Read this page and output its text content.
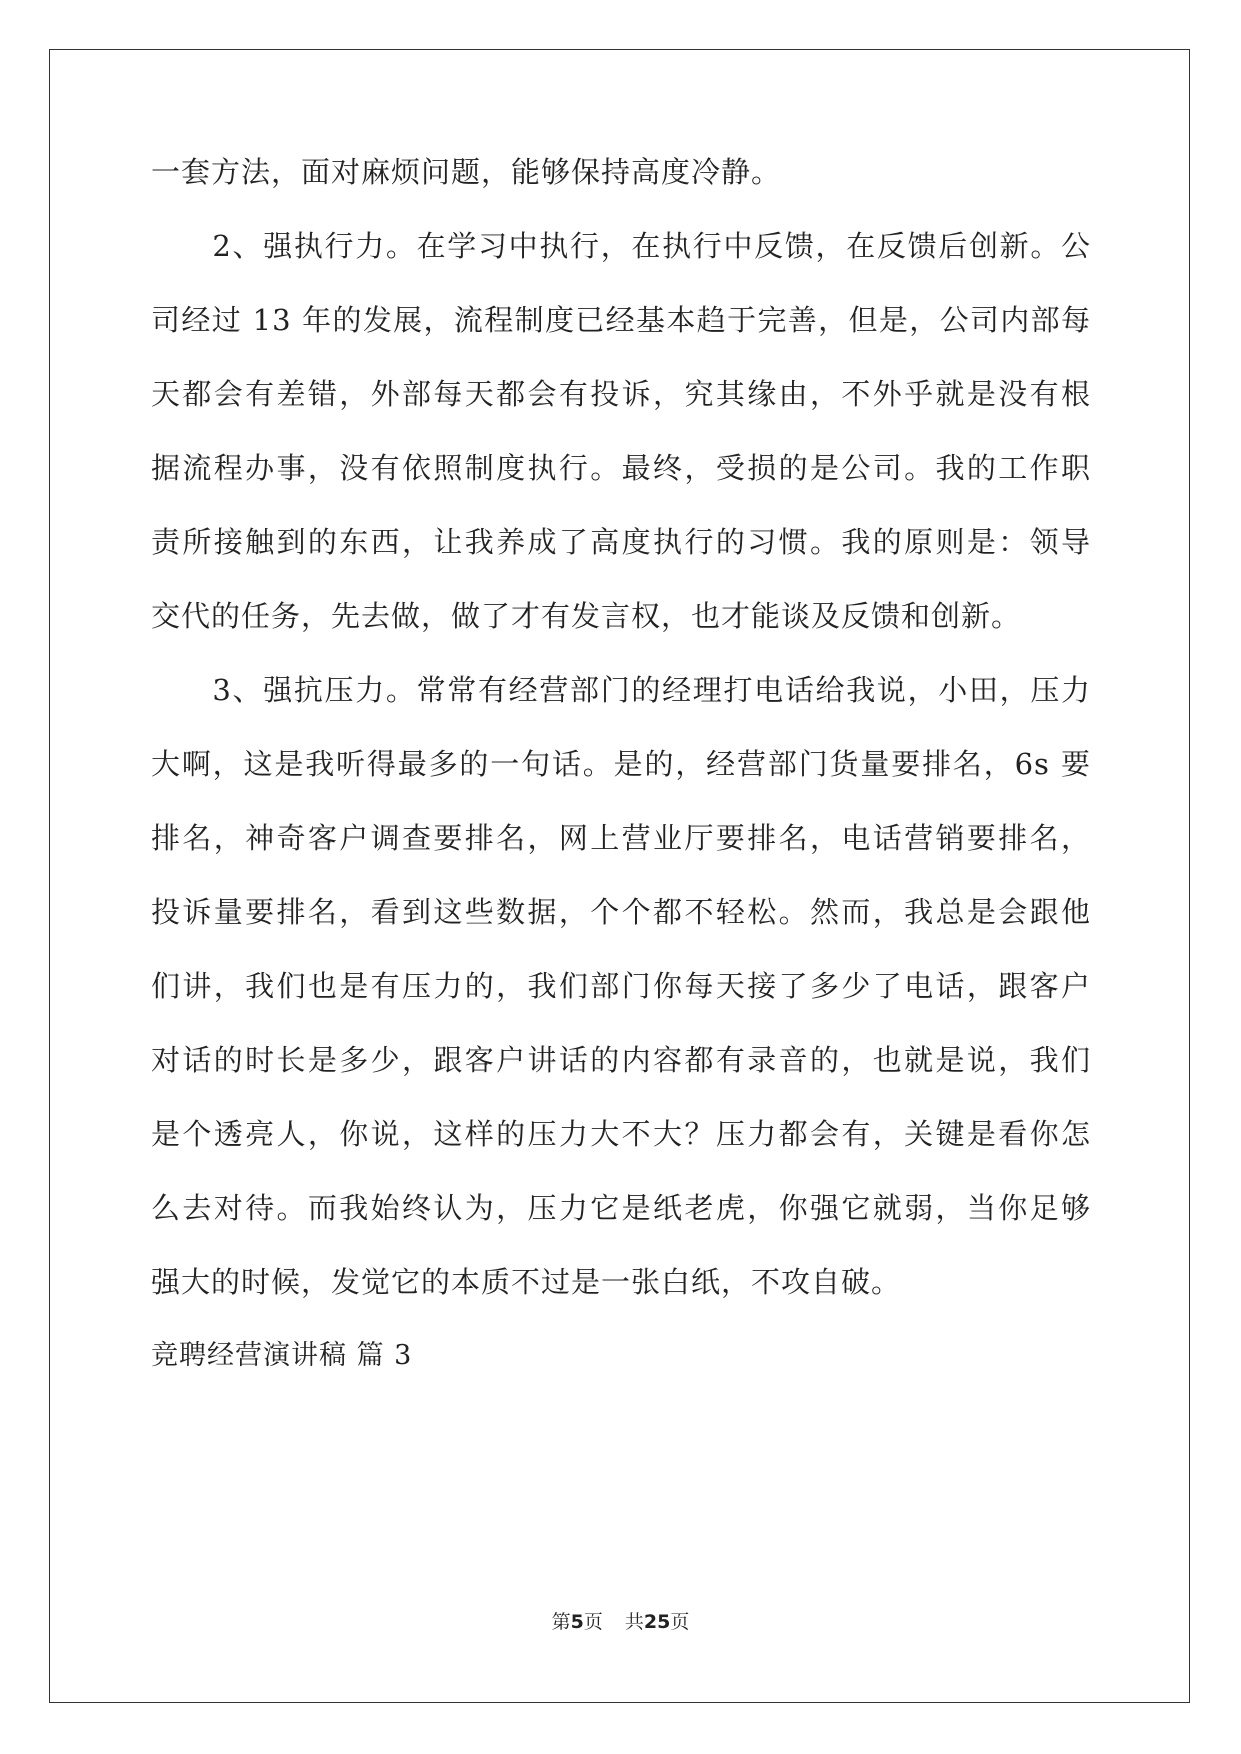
一套方法，面对麻烦问题，能够保持高度冷静。
　　2、强执行力。在学习中执行，在执行中反馈，在反馈后创新。公
司经过 13 年的发展，流程制度已经基本趋于完善，但是，公司内部每
天都会有差错，外部每天都会有投诉，究其缘由，不外乎就是没有根
据流程办事，没有依照制度执行。最终，受损的是公司。我的工作职
责所接触到的东西，让我养成了高度执行的习惯。我的原则是：领导
交代的任务，先去做，做了才有发言权，也才能谈及反馈和创新。
　　3、强抗压力。常常有经营部门的经理打电话给我说，小田，压力
大啊，这是我听得最多的一句话。是的，经营部门货量要排名，6s 要
排名，神奇客户调查要排名，网上营业厅要排名，电话营销要排名，
投诉量要排名，看到这些数据，个个都不轻松。然而，我总是会跟他
们讲，我们也是有压力的，我们部门你每天接了多少了电话，跟客户
对话的时长是多少，跟客户讲话的内容都有录音的，也就是说，我们
是个透亮人，你说，这样的压力大不大？压力都会有，关键是看你怎
么去对待。而我始终认为，压力它是纸老虎，你强它就弱，当你足够
强大的时候，发觉它的本质不过是一张白纸，不攻自破。
竞聘经营演讲稿 篇 3
第5页 共25页
